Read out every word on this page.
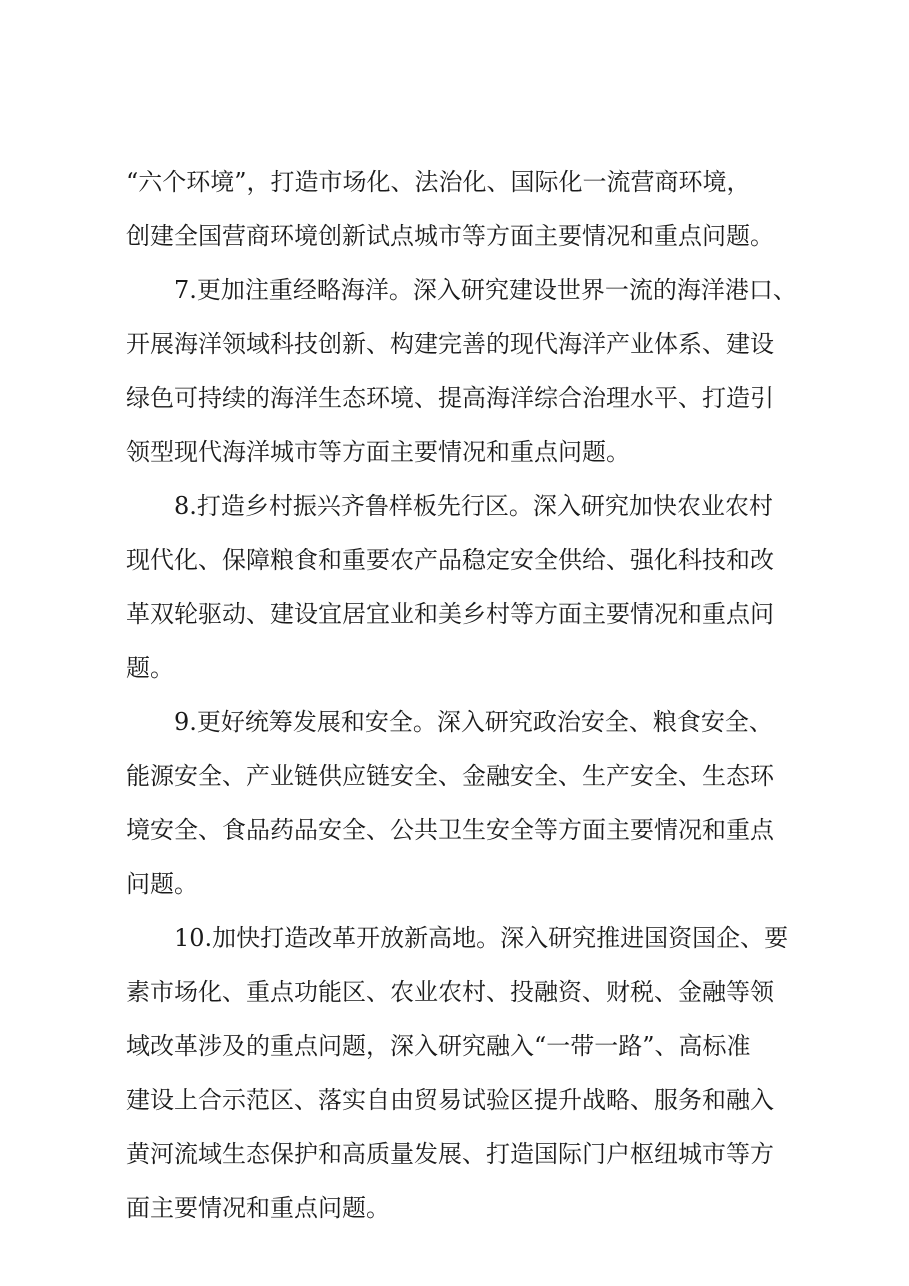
“六个环境”，打造市场化、法治化、国际化一流营商环境，
创建全国营商环境创新试点城市等方面主要情况和重点问题。
7.更加注重经略海洋。深入研究建设世界一流的海洋港口、
开展海洋领域科技创新、构建完善的现代海洋产业体系、建设
绿色可持续的海洋生态环境、提高海洋综合治理水平、打造引
领型现代海洋城市等方面主要情况和重点问题。
8.打造乡村振兴齐鲁样板先行区。深入研究加快农业农村
现代化、保障粮食和重要农产品稳定安全供给、强化科技和改
革双轮驱动、建设宜居宜业和美乡村等方面主要情况和重点问
题。
9.更好统筹发展和安全。深入研究政治安全、粮食安全、
能源安全、产业链供应链安全、金融安全、生产安全、生态环
境安全、食品药品安全、公共卫生安全等方面主要情况和重点
问题。
10.加快打造改革开放新高地。深入研究推进国资国企、要
素市场化、重点功能区、农业农村、投融资、财税、金融等领
域改革涉及的重点问题，深入研究融入“一带一路”、高标准
建设上合示范区、落实自由贸易试验区提升战略、服务和融入
黄河流域生态保护和高质量发展、打造国际门户枢纽城市等方
面主要情况和重点问题。
